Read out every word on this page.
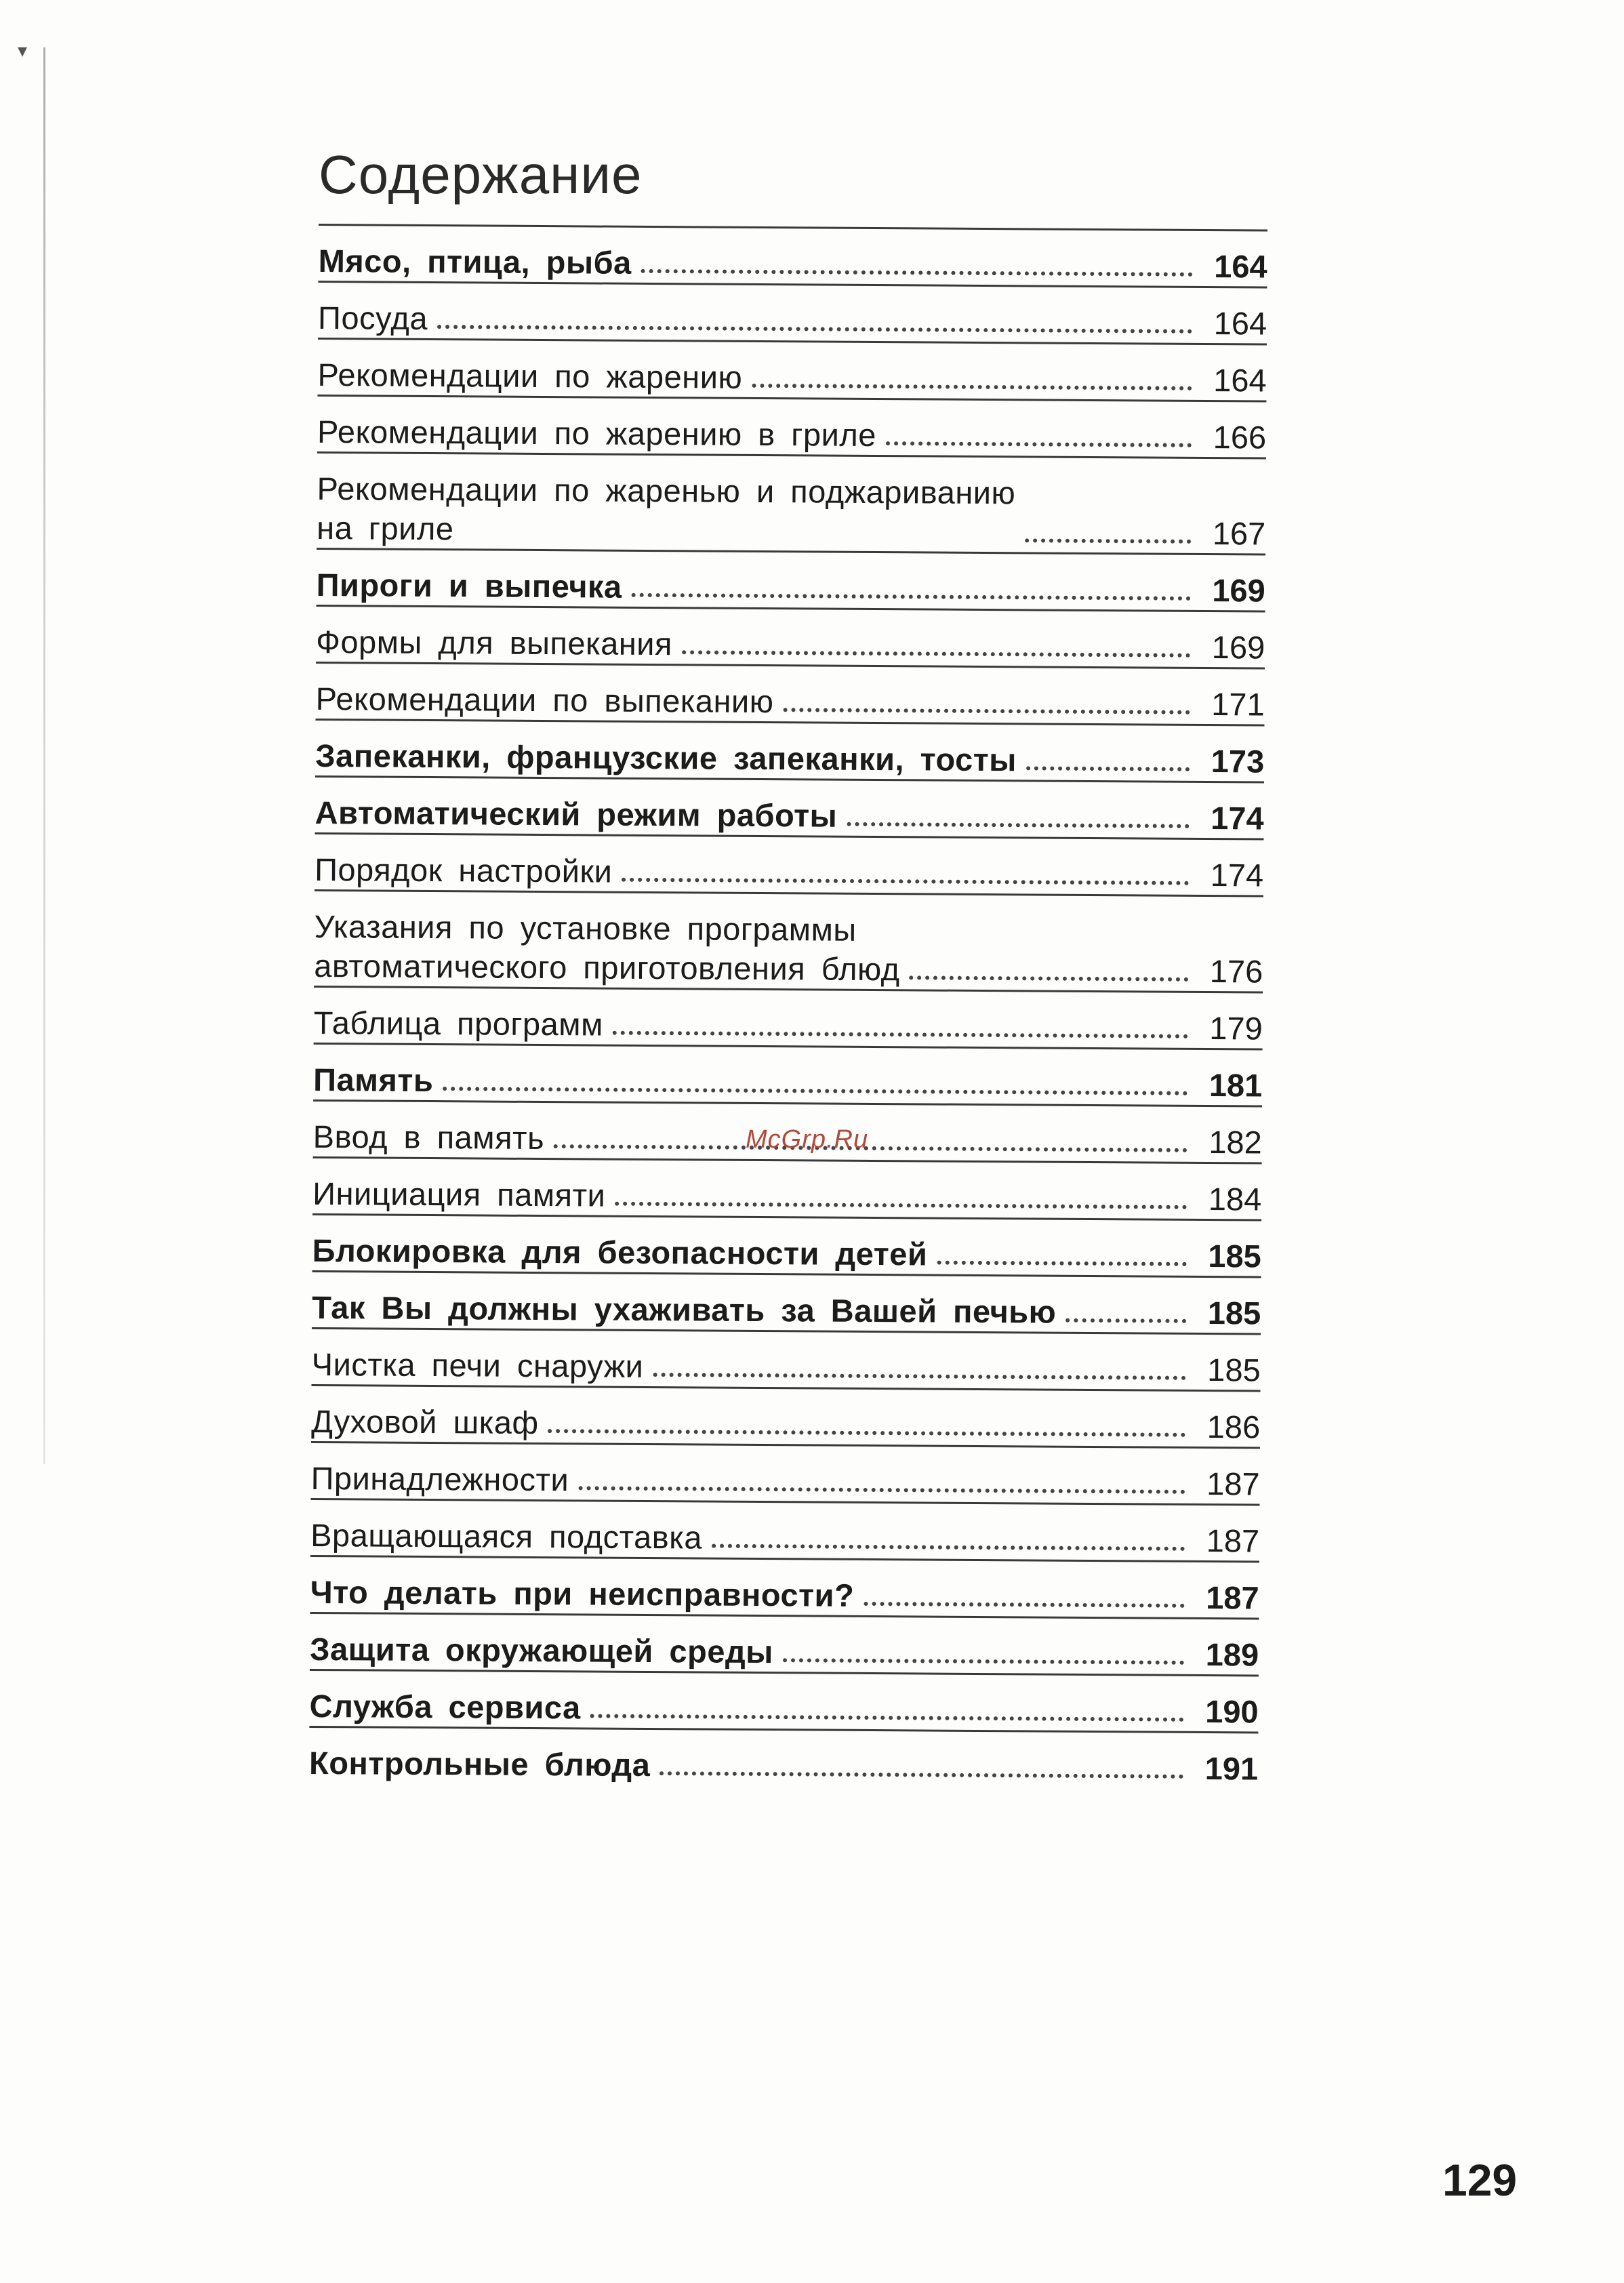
▾
Содержание
Мясо, птица, рыба	164
Посуда	164
Рекомендации по жарению	164
Рекомендации по жарению в гриле	166
Рекомендации по жаренью и поджариванию
на гриле	167
Пироги и выпечка	169
Формы для выпекания	169
Рекомендации по выпеканию	171
Запеканки, французские запеканки, тосты	173
Автоматический режим работы	174
Порядок настройки	174
Указания по установке программы
автоматического приготовления блюд	176
Таблица программ	179
Память	181
Ввод в память	182
Инициация памяти	184
Блокировка для безопасности детей	185
Так Вы должны ухаживать за Вашей печью	185
Чистка печи снаружи	185
Духовой шкаф	186
Принадлежности	187
Вращающаяся подставка	187
Что делать при неисправности?	187
Защита окружающей среды	189
Служба сервиса	190
Контрольные блюда	191
McGrp.Ru
129
